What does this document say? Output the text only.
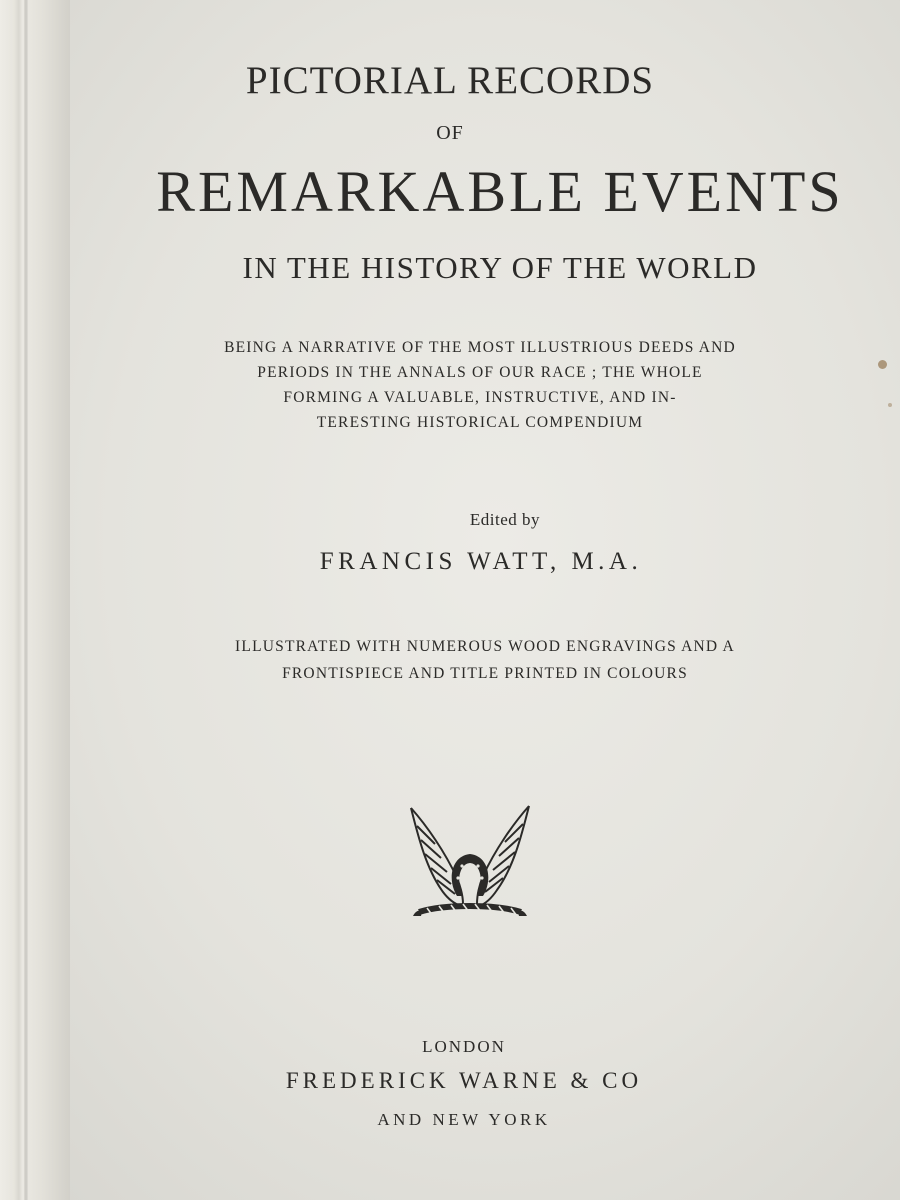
PICTORIAL RECORDS
OF
REMARKABLE EVENTS
IN THE HISTORY OF THE WORLD
BEING A NARRATIVE OF THE MOST ILLUSTRIOUS DEEDS AND
PERIODS IN THE ANNALS OF OUR RACE ; THE WHOLE
FORMING A VALUABLE, INSTRUCTIVE, AND IN-
TERESTING HISTORICAL COMPENDIUM
Edited by
FRANCIS WATT, M.A.
ILLUSTRATED WITH NUMEROUS WOOD ENGRAVINGS AND A
FRONTISPIECE AND TITLE PRINTED IN COLOURS
LONDON
FREDERICK WARNE & CO
AND NEW YORK
